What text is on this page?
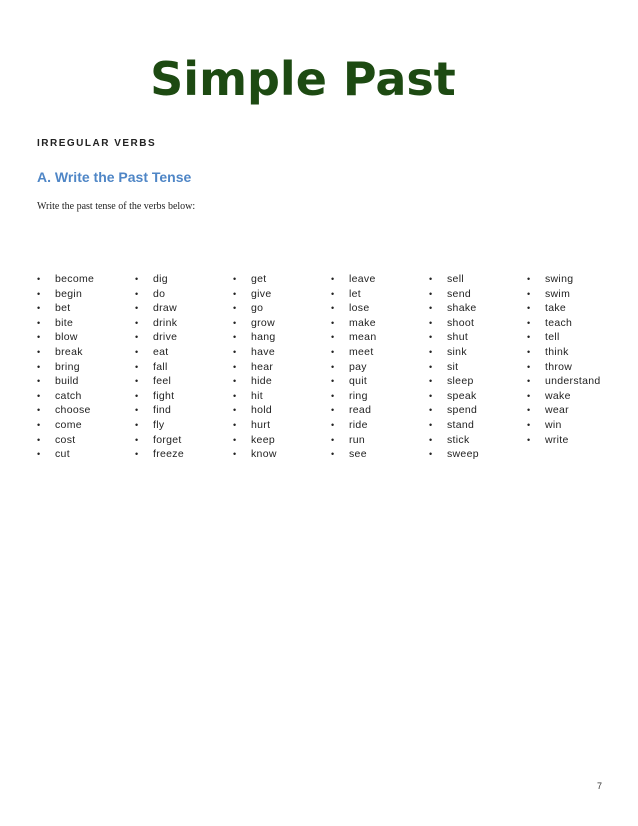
Simple Past
IRREGULAR VERBS
A. Write the Past Tense
Write the past tense of the verbs below:
• become
• begin
• bet
• bite
• blow
• break
• bring
• build
• catch
• choose
• come
• cost
• cut
• dig
• do
• draw
• drink
• drive
• eat
• fall
• feel
• fight
• find
• fly
• forget
• freeze
• get
• give
• go
• grow
• hang
• have
• hear
• hide
• hit
• hold
• hurt
• keep
• know
• leave
• let
• lose
• make
• mean
• meet
• pay
• quit
• ring
• read
• ride
• run
• see
• sell
• send
• shake
• shoot
• shut
• sink
• sit
• sleep
• speak
• spend
• stand
• stick
• sweep
• swing
• swim
• take
• teach
• tell
• think
• throw
• understand
• wake
• wear
• win
• write
7
